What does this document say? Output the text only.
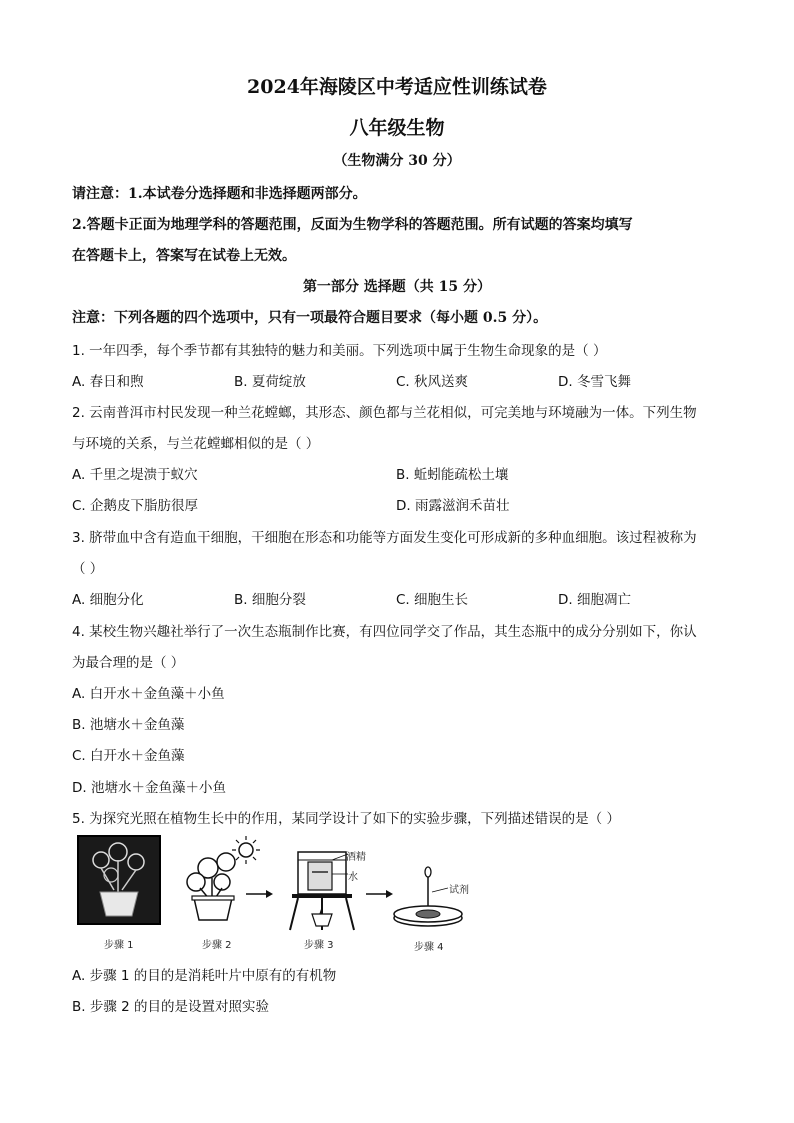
2024年海陵区中考适应性训练试卷
八年级生物
（生物满分 30 分）
请注意：1.本试卷分选择题和非选择题两部分。
2.答题卡正面为地理学科的答题范围，反面为生物学科的答题范围。所有试题的答案均填写
在答题卡上，答案写在试卷上无效。
第一部分 选择题（共 15 分）
注意：下列各题的四个选项中，只有一项最符合题目要求（每小题 0.5 分）。
1. 一年四季，每个季节都有其独特的魅力和美丽。下列选项中属于生物生命现象的是（ ）
A. 春日和煦	B. 夏荷绽放	C. 秋风送爽	D. 冬雪飞舞
2. 云南普洱市村民发现一种兰花螳螂，其形态、颜色都与兰花相似，可完美地与环境融为一体。下列生物
与环境的关系，与兰花螳螂相似的是（ ）
A. 千里之堤溃于蚁穴	B. 蚯蚓能疏松土壤
C. 企鹅皮下脂肪很厚	D. 雨露滋润禾苗壮
3. 脐带血中含有造血干细胞，干细胞在形态和功能等方面发生变化可形成新的多种血细胞。该过程被称为
（ ）
A. 细胞分化	B. 细胞分裂	C. 细胞生长	D. 细胞凋亡
4. 某校生物兴趣社举行了一次生态瓶制作比赛，有四位同学交了作品，其生态瓶中的成分分别如下，你认
为最合理的是（ ）
A. 白开水＋金鱼藻＋小鱼
B. 池塘水＋金鱼藻
C. 白开水＋金鱼藻
D. 池塘水＋金鱼藻＋小鱼
5. 为探究光照在植物生长中的作用，某同学设计了如下的实验步骤，下列描述错误的是（ ）
酒精
水
试剂
步骤 1	步骤 2	步骤 3	步骤 4
A. 步骤 1 的目的是消耗叶片中原有的有机物
B. 步骤 2 的目的是设置对照实验
